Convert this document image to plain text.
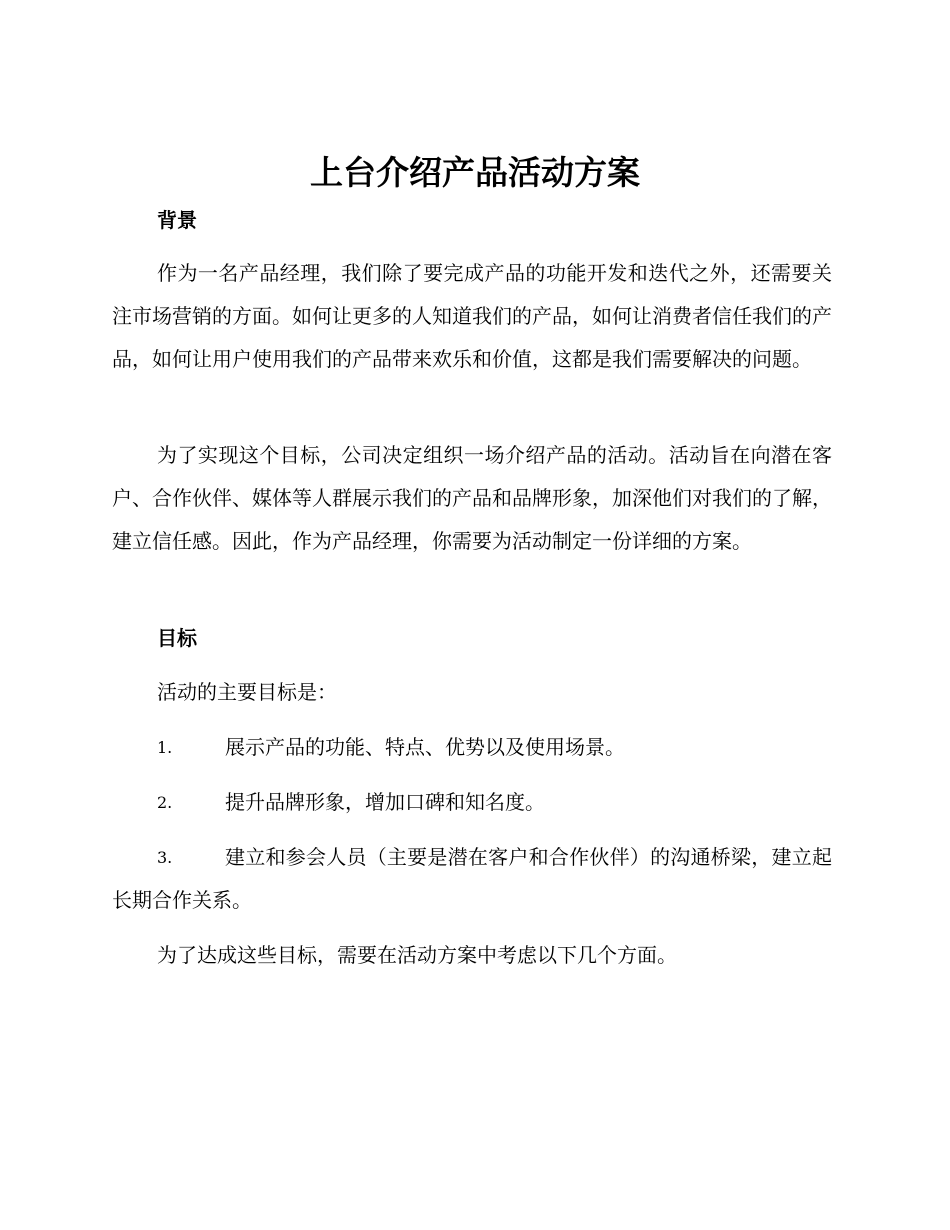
上台介绍产品活动方案
背景

作为一名产品经理，我们除了要完成产品的功能开发和迭代之外，还需要关注市场营销的方面。如何让更多的人知道我们的产品，如何让消费者信任我们的产品，如何让用户使用我们的产品带来欢乐和价值，这都是我们需要解决的问题。

为了实现这个目标，公司决定组织一场介绍产品的活动。活动旨在向潜在客户、合作伙伴、媒体等人群展示我们的产品和品牌形象，加深他们对我们的了解，建立信任感。因此，作为产品经理，你需要为活动制定一份详细的方案。

目标
活动的主要目标是：
1.	展示产品的功能、特点、优势以及使用场景。

2.	提升品牌形象，增加口碑和知名度。

3.	建立和参会人员（主要是潜在客户和合作伙伴）的沟通桥梁，建立起长期合作关系。

为了达成这些目标，需要在活动方案中考虑以下几个方面。
